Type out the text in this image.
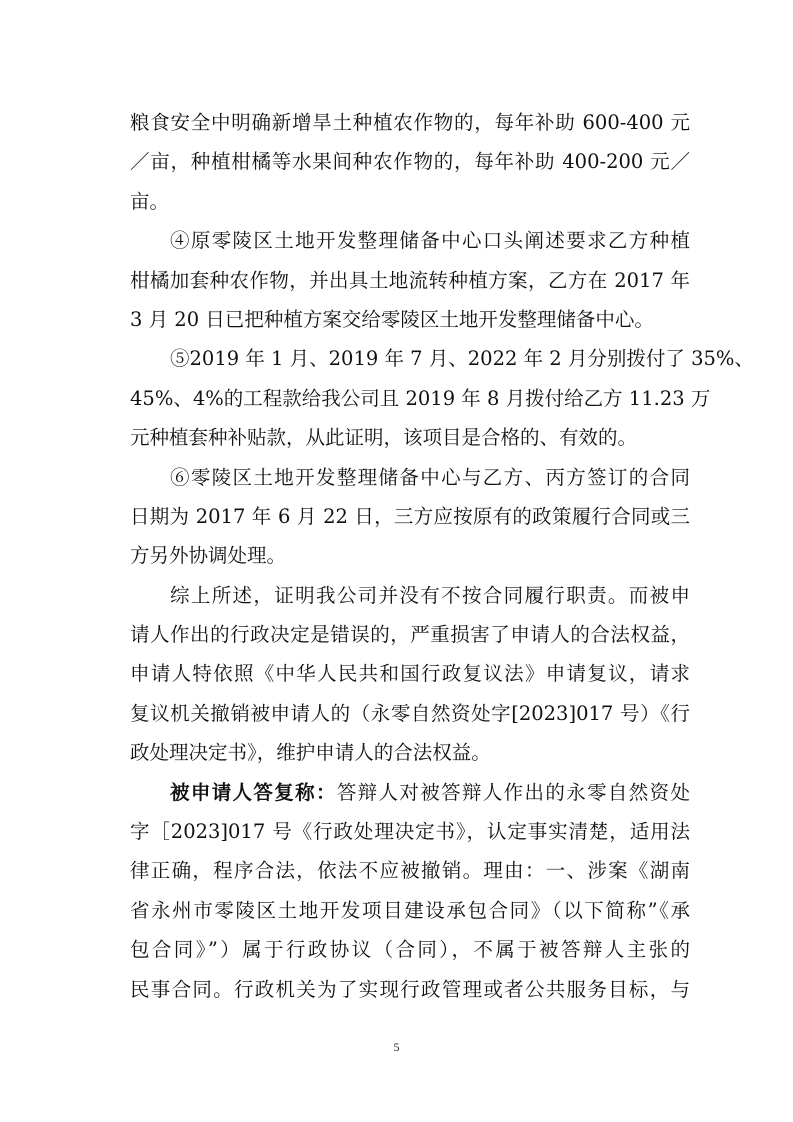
粮食安全中明确新增旱土种植农作物的，每年补助 600-400 元
／亩，种植柑橘等水果间种农作物的，每年补助 400-200 元／
亩。
④原零陵区土地开发整理储备中心口头阐述要求乙方种植
柑橘加套种农作物，并出具土地流转种植方案，乙方在 2017 年
3 月 20 日已把种植方案交给零陵区土地开发整理储备中心。
⑤2019 年 1 月、2019 年 7 月、2022 年 2 月分别拨付了 35%、
45%、4%的工程款给我公司且 2019 年 8 月拨付给乙方 11.23 万
元种植套种补贴款，从此证明，该项目是合格的、有效的。
⑥零陵区土地开发整理储备中心与乙方、丙方签订的合同
日期为 2017 年 6 月 22 日，三方应按原有的政策履行合同或三
方另外协调处理。
综上所述，证明我公司并没有不按合同履行职责。而被申
请人作出的行政决定是错误的，严重损害了申请人的合法权益，
申请人特依照《中华人民共和国行政复议法》申请复议，请求
复议机关撤销被申请人的（永零自然资处字[2023]017 号）《行
政处理决定书》，维护申请人的合法权益。
被申请人答复称：答辩人对被答辩人作出的永零自然资处
字［2023]017 号《行政处理决定书》，认定事实清楚，适用法
律正确，程序合法，依法不应被撤销。理由：一、涉案《湖南
省永州市零陵区土地开发项目建设承包合同》（以下简称”《承
包合同》”）属于行政协议（合同），不属于被答辩人主张的
民事合同。行政机关为了实现行政管理或者公共服务目标，与
5
